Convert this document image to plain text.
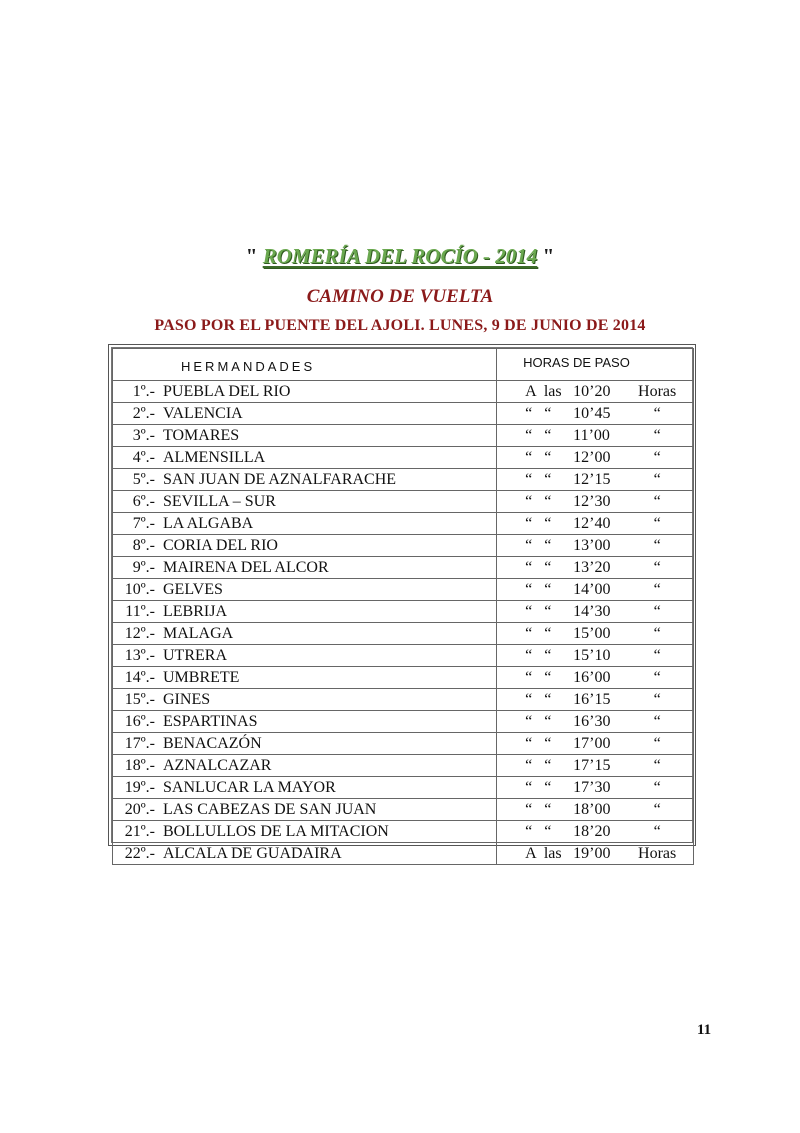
" ROMERÍA DEL ROCÍO - 2014 "
CAMINO DE VUELTA
PASO POR EL PUENTE DEL AJOLI. LUNES, 9 DE JUNIO DE 2014
HERMANDADES	HORAS DE PASO
1º.- PUEBLA DEL RIO	A  las 10’20 Horas
2º.- VALENCIA	“   “ 10’45 “
3º.- TOMARES	“   “ 11’00 “
4º.- ALMENSILLA	“   “ 12’00 “
5º.- SAN JUAN DE AZNALFARACHE	“   “ 12’15 “
6º.- SEVILLA – SUR	“   “ 12’30 “
7º.- LA ALGABA	“   “ 12’40 “
8º.- CORIA DEL RIO	“   “ 13’00 “
9º.- MAIRENA DEL ALCOR	“   “ 13’20 “
10º.- GELVES	“   “ 14’00 “
11º.- LEBRIJA	“   “ 14’30 “
12º.- MALAGA	“   “ 15’00 “
13º.- UTRERA	“   “ 15’10 “
14º.- UMBRETE	“   “ 16’00 “
15º.- GINES	“   “ 16’15 “
16º.- ESPARTINAS	“   “ 16’30 “
17º.- BENACAZÓN	“   “ 17’00 “
18º.- AZNALCAZAR	“   “ 17’15 “
19º.- SANLUCAR LA MAYOR	“   “ 17’30 “
20º.- LAS CABEZAS DE SAN JUAN	“   “ 18’00 “
21º.- BOLLULLOS DE LA MITACION	“   “ 18’20 “
22º.- ALCALA DE GUADAIRA	A  las 19’00 Horas
11
